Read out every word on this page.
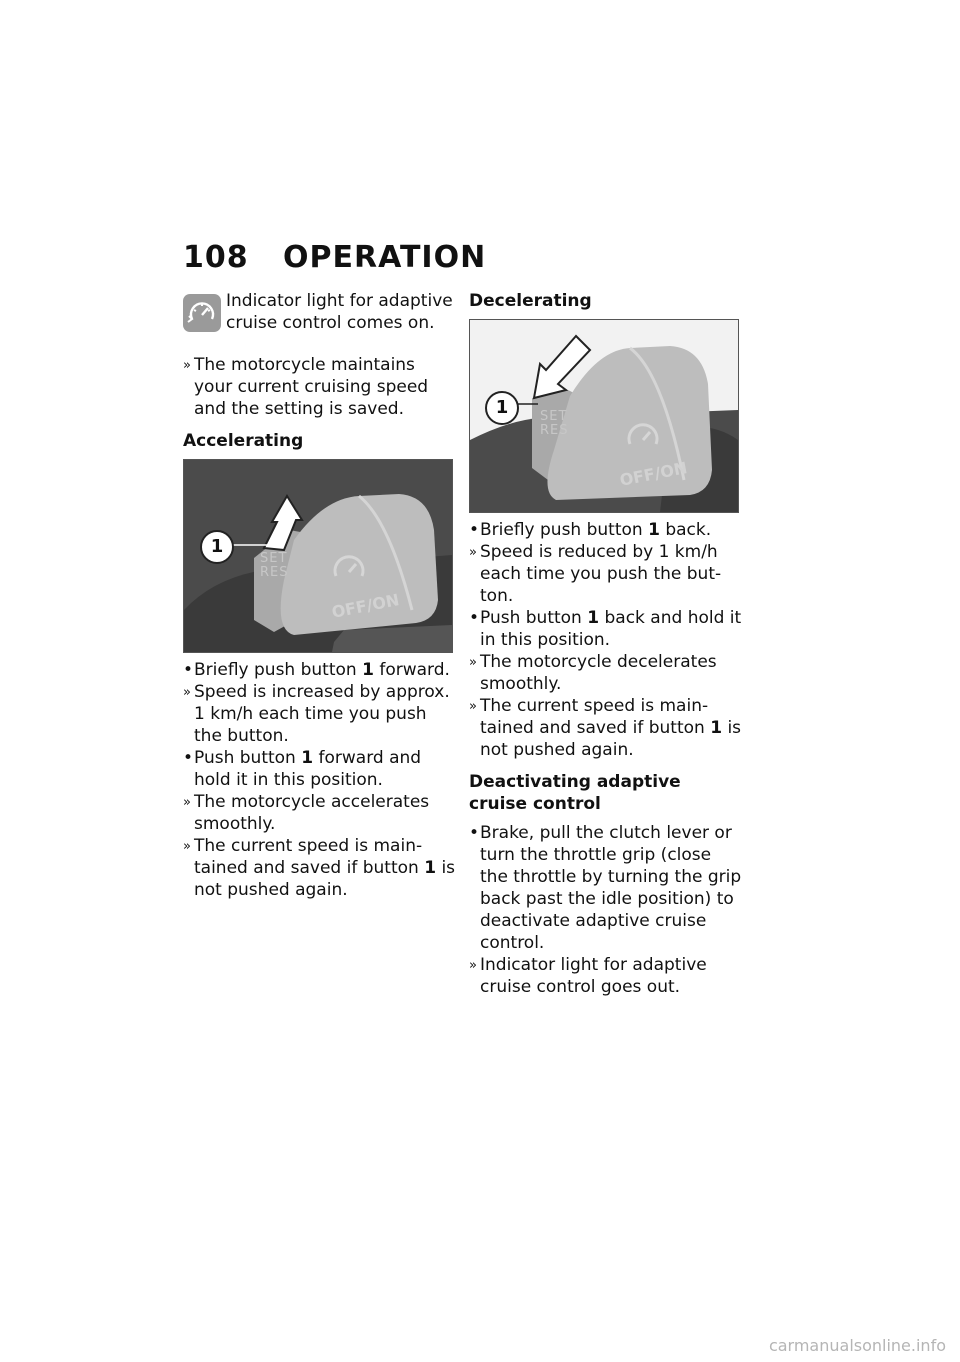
108 OPERATION
Indicator light for adaptive cruise control comes on.

» The motorcycle maintains your current cruising speed and the setting is saved.

Accelerating

1
SET
RES
OFF/ON

• Briefly push button 1 forward.

» Speed is increased by approx. 1 km/h each time you push the button.

• Push button 1 forward and hold it in this position.

» The motorcycle accelerates smoothly.

» The current speed is main-tained and saved if button 1 is not pushed again.

Decelerating

1	SET
RES
OFF/ON

• Briefly push button 1 back.

» Speed is reduced by 1 km/h each time you push the but-ton.

• Push button 1 back and hold it in this position.

» The motorcycle decelerates smoothly.

» The current speed is main-tained and saved if button 1 is not pushed again.

Deactivating adaptive cruise control

• Brake, pull the clutch lever or turn the throttle grip (close the throttle by turning the grip back past the idle position) to deactivate adaptive cruise control.

» Indicator light for adaptive cruise control goes out.

carmanualsonline.info
